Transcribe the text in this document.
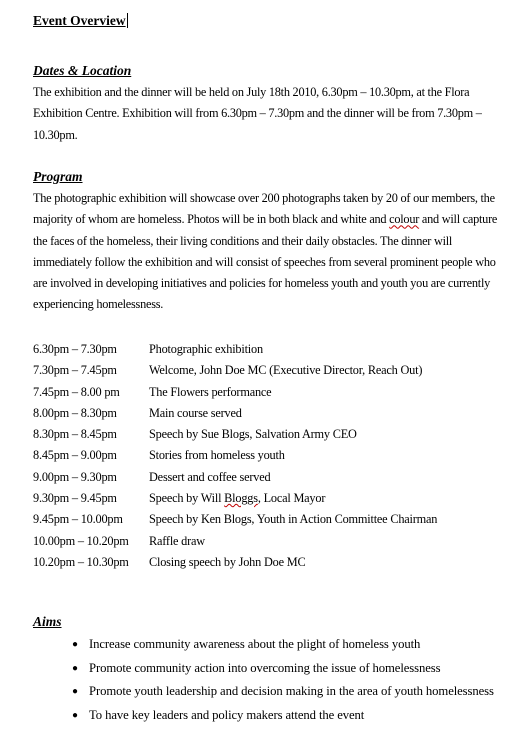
Event Overview
Dates & Location

The exhibition and the dinner will be held on July 18th 2010, 6.30pm – 10.30pm, at the Flora
Exhibition Centre. Exhibition will from 6.30pm – 7.30pm and the dinner will be from 7.30pm –
10.30pm.

Program

The photographic exhibition will showcase over 200 photographs taken by 20 of our members, the
majority of whom are homeless. Photos will be in both black and white and colour and will capture
the faces of the homeless, their living conditions and their daily obstacles. The dinner will
immediately follow the exhibition and will consist of speeches from several prominent people who
are involved in developing initiatives and policies for homeless youth and youth you are currently
experiencing homelessness.

6.30pm – 7.30pm	Photographic exhibition
7.30pm – 7.45pm	Welcome, John Doe MC (Executive Director, Reach Out)
7.45pm – 8.00 pm	The Flowers performance
8.00pm – 8.30pm	Main course served
8.30pm – 8.45pm	Speech by Sue Blogs, Salvation Army CEO
8.45pm – 9.00pm	Stories from homeless youth
9.00pm – 9.30pm	Dessert and coffee served
9.30pm – 9.45pm	Speech by Will Bloggs, Local Mayor
9.45pm – 10.00pm	Speech by Ken Blogs, Youth in Action Committee Chairman
10.00pm – 10.20pm	Raffle draw
10.20pm – 10.30pm	Closing speech by John Doe MC
Aims
● Increase community awareness about the plight of homeless youth
● Promote community action into overcoming the issue of homelessness
● Promote youth leadership and decision making in the area of youth homelessness
● To have key leaders and policy makers attend the event
